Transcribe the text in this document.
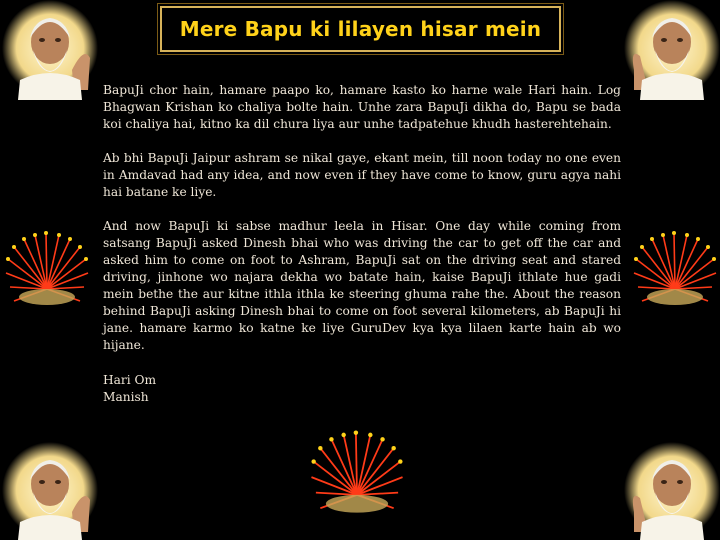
Mere Bapu ki lilayen hisar mein

BapuJi chor hain, hamare paapo ko, hamare kasto ko harne wale Hari hain. Log Bhagwan Krishan ko chaliya bolte hain. Unhe zara BapuJi dikha do, Bapu se bada koi chaliya hai, kitno ka dil chura liya aur unhe tadpatehue khudh hasterehtehain.

Ab bhi BapuJi Jaipur ashram se nikal gaye, ekant mein, till noon today no one even in Amdavad had any idea, and now even if they have come to know, guru agya nahi hai batane ke liye.

And now BapuJi ki sabse madhur leela in Hisar. One day while coming from satsang BapuJi asked Dinesh bhai who was driving the car to get off the car and asked him to come on foot to Ashram, BapuJi sat on the driving seat and stared driving, jinhone wo najara dekha wo batate hain, kaise BapuJi ithlate hue gadi mein bethe the aur kitne ithla ithla ke steering ghuma rahe the. About the reason behind BapuJi asking Dinesh bhai to come on foot several kilometers, ab BapuJi hi jane. hamare karmo ko katne ke liye GuruDev kya kya lilaen karte hain ab wo hijane.

Hari Om
Manish
